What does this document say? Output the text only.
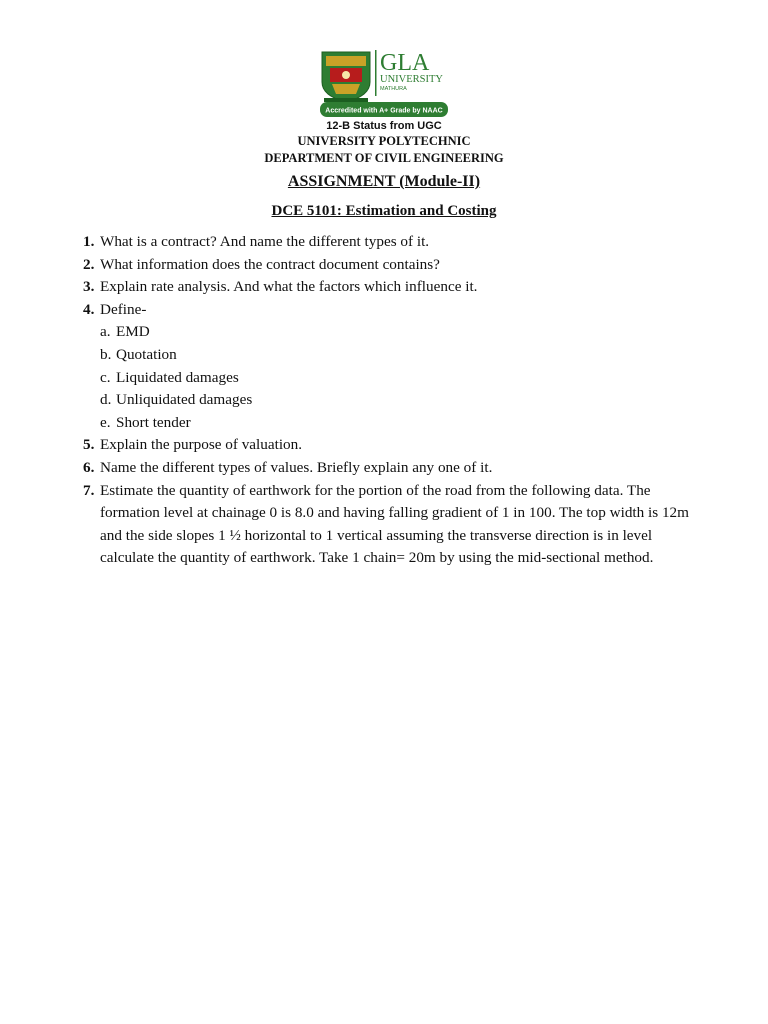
GLA
UNIVERSITY
MATHURA
Accredited with A+ Grade by NAAC
12-B Status from UGC
UNIVERSITY POLYTECHNIC
DEPARTMENT OF CIVIL ENGINEERING
ASSIGNMENT (Module-II)
DCE 5101: Estimation and Costing
1. What is a contract? And name the different types of it.
2. What information does the contract document contains?
3. Explain rate analysis. And what the factors which influence it.
4. Define-
a. EMD
b. Quotation
c. Liquidated damages
d. Unliquidated damages
e. Short tender
5. Explain the purpose of valuation.
6. Name the different types of values. Briefly explain any one of it.
7. Estimate the quantity of earthwork for the portion of the road from the following data. The formation level at chainage 0 is 8.0 and having falling gradient of 1 in 100. The top width is 12m and the side slopes 1 ½ horizontal to 1 vertical assuming the transverse direction is in level calculate the quantity of earthwork. Take 1 chain= 20m by using the mid-sectional method.
